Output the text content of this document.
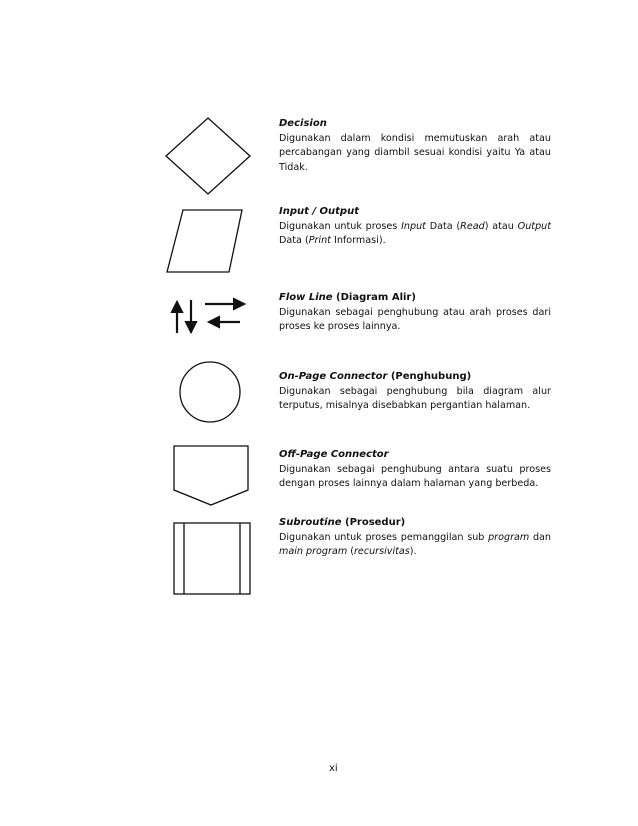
Decision
Digunakan dalam kondisi memutuskan arah atau percabangan yang diambil sesuai kondisi yaitu Ya atau Tidak.
Input / Output
Digunakan untuk proses Input Data (Read) atau Output Data (Print Informasi).
Flow Line (Diagram Alir)
Digunakan sebagai penghubung atau arah proses dari proses ke proses lainnya.
On-Page Connector (Penghubung)
Digunakan sebagai penghubung bila diagram alur terputus, misalnya disebabkan pergantian halaman.
Off-Page Connector
Digunakan sebagai penghubung antara suatu proses dengan proses lainnya dalam halaman yang berbeda.
Subroutine (Prosedur)
Digunakan untuk proses pemanggilan sub program dan main program (recursivitas).
xi
